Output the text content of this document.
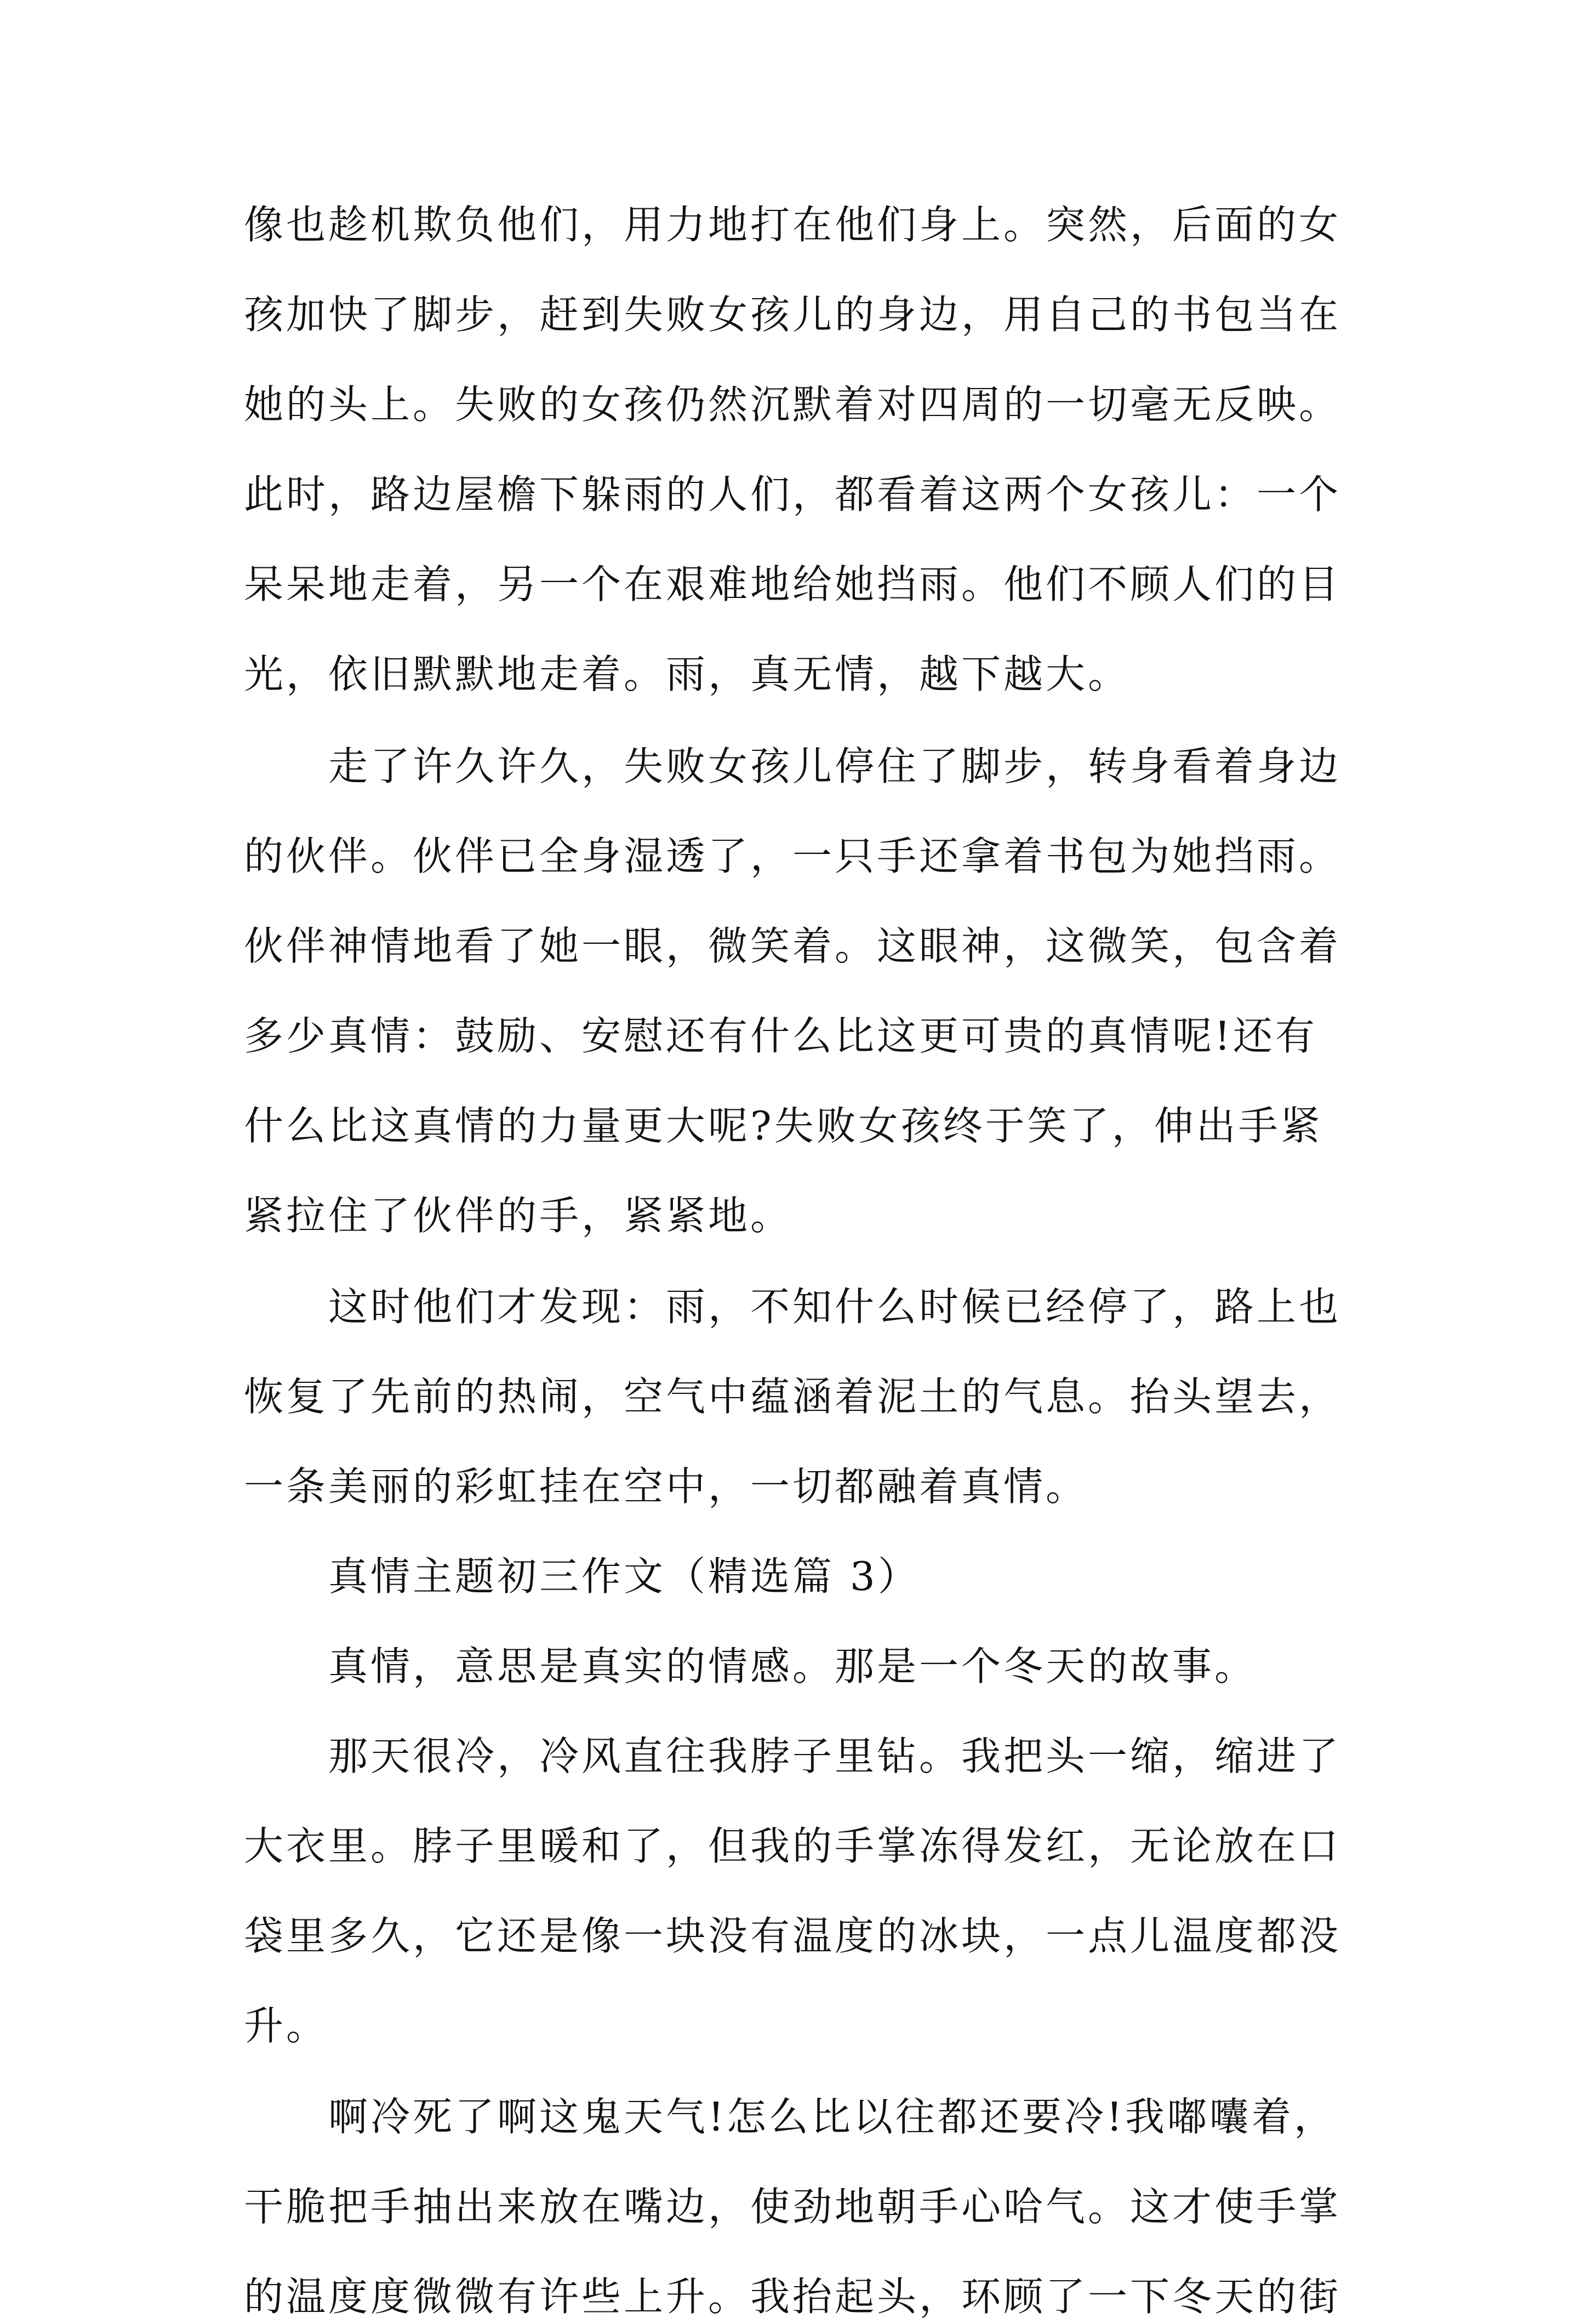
像也趁机欺负他们，用力地打在他们身上。突然，后面的女
孩加快了脚步，赶到失败女孩儿的身边，用自己的书包当在
她的头上。失败的女孩仍然沉默着对四周的一切毫无反映。
此时，路边屋檐下躲雨的人们，都看着这两个女孩儿：一个
呆呆地走着，另一个在艰难地给她挡雨。他们不顾人们的目
光，依旧默默地走着。雨，真无情，越下越大。
走了许久许久，失败女孩儿停住了脚步，转身看着身边
的伙伴。伙伴已全身湿透了，一只手还拿着书包为她挡雨。
伙伴神情地看了她一眼，微笑着。这眼神，这微笑，包含着
多少真情：鼓励、安慰还有什么比这更可贵的真情呢!还有
什么比这真情的力量更大呢?失败女孩终于笑了，伸出手紧
紧拉住了伙伴的手，紧紧地。
这时他们才发现：雨，不知什么时候已经停了，路上也
恢复了先前的热闹，空气中蕴涵着泥土的气息。抬头望去，
一条美丽的彩虹挂在空中，一切都融着真情。
真情主题初三作文（精选篇 3）
真情，意思是真实的情感。那是一个冬天的故事。
那天很冷，冷风直往我脖子里钻。我把头一缩，缩进了
大衣里。脖子里暖和了，但我的手掌冻得发红，无论放在口
袋里多久，它还是像一块没有温度的冰块，一点儿温度都没
升。
啊冷死了啊这鬼天气!怎么比以往都还要冷!我嘟囔着，
干脆把手抽出来放在嘴边，使劲地朝手心哈气。这才使手掌
的温度度微微有许些上升。我抬起头，环顾了一下冬天的街
